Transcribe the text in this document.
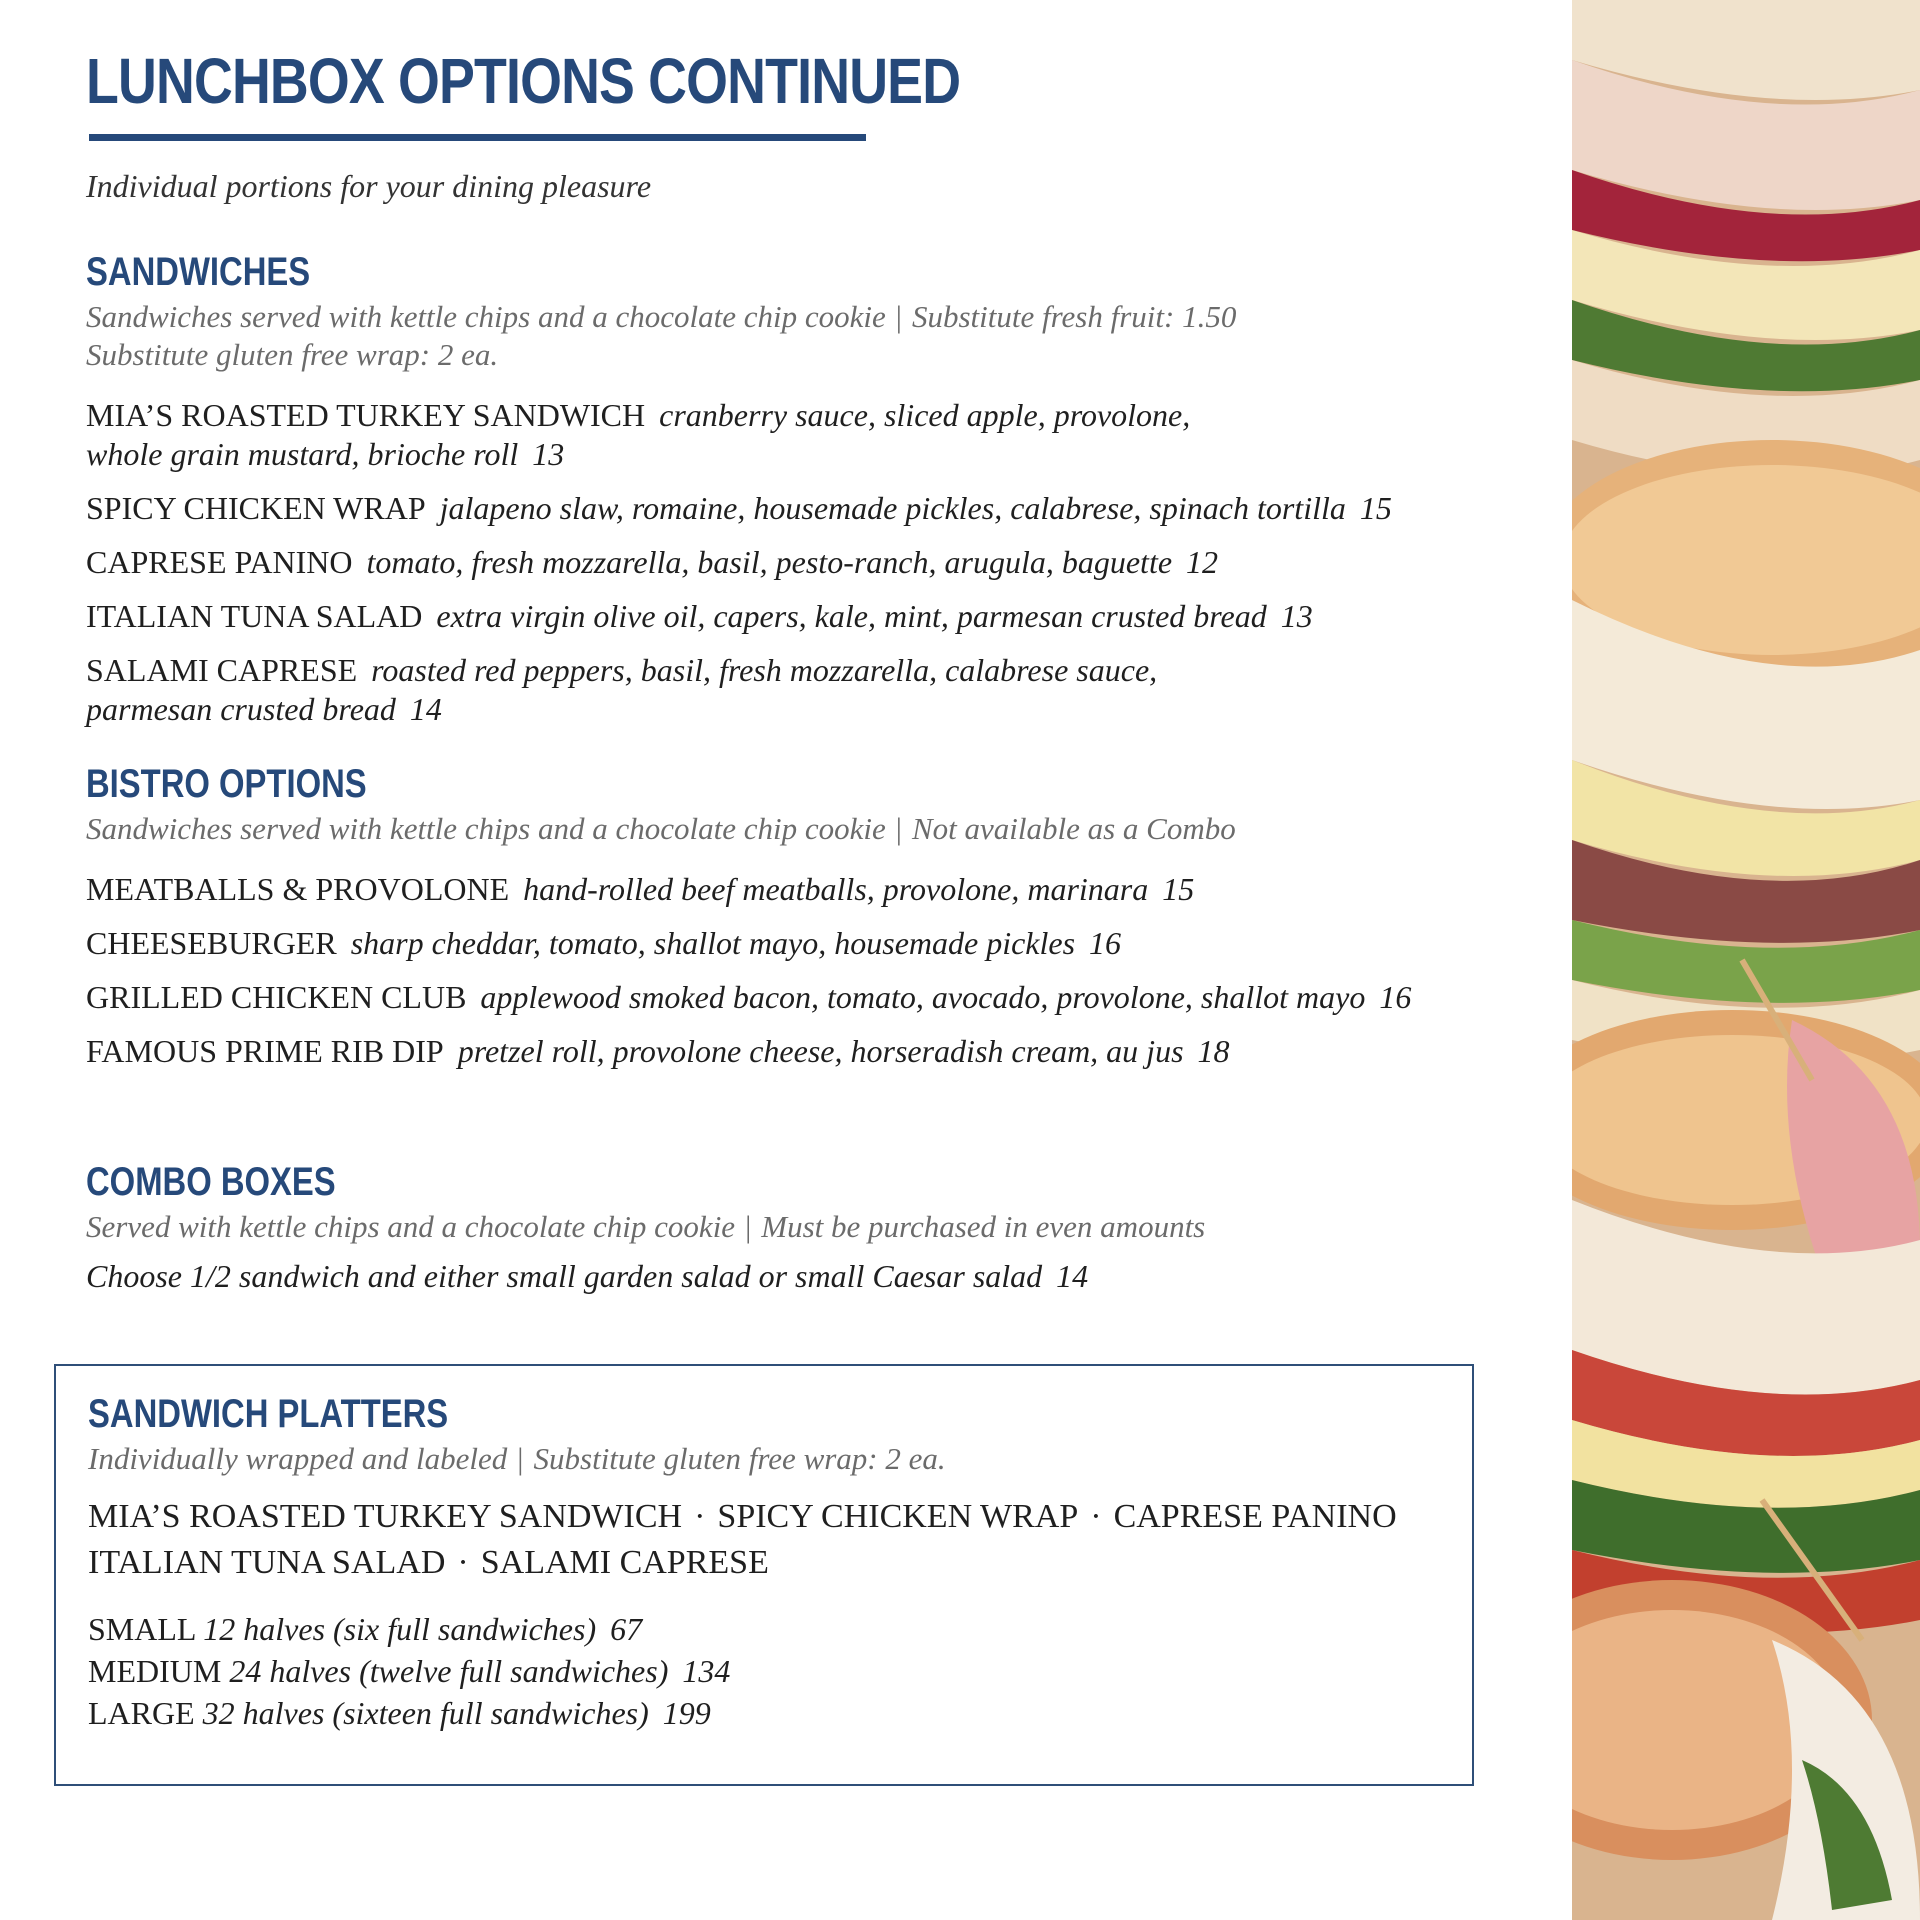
LUNCHBOX OPTIONS CONTINUED
Individual portions for your dining pleasure
SANDWICHES
Sandwiches served with kettle chips and a chocolate chip cookie | Substitute fresh fruit: 1.50
Substitute gluten free wrap: 2 ea.
MIA’S ROASTED TURKEY SANDWICH cranberry sauce, sliced apple, provolone,
whole grain mustard, brioche roll 13
SPICY CHICKEN WRAP jalapeno slaw, romaine, housemade pickles, calabrese, spinach tortilla 15
CAPRESE PANINO tomato, fresh mozzarella, basil, pesto-ranch, arugula, baguette 12
ITALIAN TUNA SALAD extra virgin olive oil, capers, kale, mint, parmesan crusted bread 13
SALAMI CAPRESE roasted red peppers, basil, fresh mozzarella, calabrese sauce,
parmesan crusted bread 14
BISTRO OPTIONS
Sandwiches served with kettle chips and a chocolate chip cookie | Not available as a Combo
MEATBALLS & PROVOLONE hand-rolled beef meatballs, provolone, marinara 15
CHEESEBURGER sharp cheddar, tomato, shallot mayo, housemade pickles 16
GRILLED CHICKEN CLUB applewood smoked bacon, tomato, avocado, provolone, shallot mayo 16
FAMOUS PRIME RIB DIP pretzel roll, provolone cheese, horseradish cream, au jus 18
COMBO BOXES
Served with kettle chips and a chocolate chip cookie | Must be purchased in even amounts
Choose 1/2 sandwich and either small garden salad or small Caesar salad 14
SANDWICH PLATTERS
Individually wrapped and labeled | Substitute gluten free wrap: 2 ea.
MIA’S ROASTED TURKEY SANDWICH · SPICY CHICKEN WRAP · CAPRESE PANINO
ITALIAN TUNA SALAD · SALAMI CAPRESE
SMALL 12 halves (six full sandwiches) 67
MEDIUM 24 halves (twelve full sandwiches) 134
LARGE 32 halves (sixteen full sandwiches) 199
